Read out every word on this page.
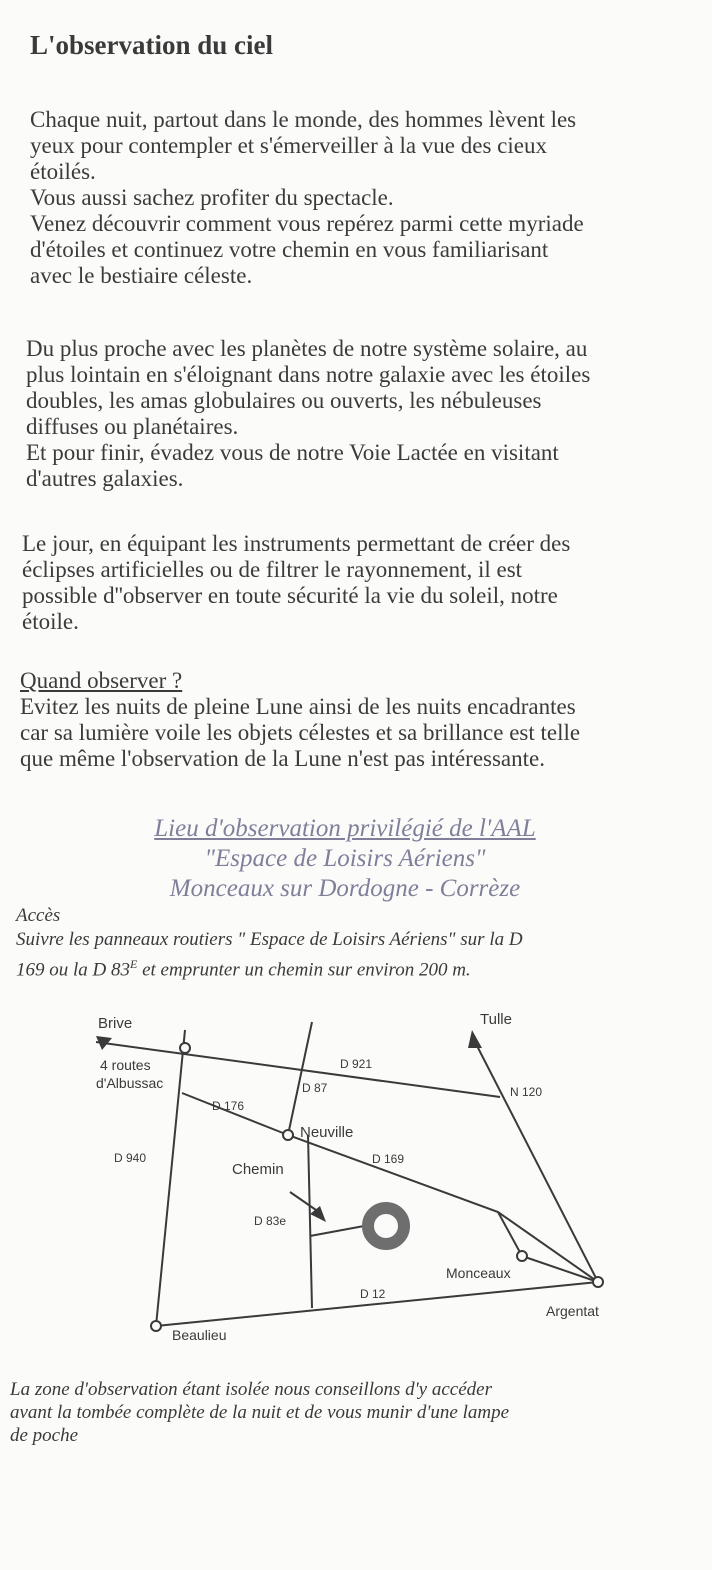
L'observation du ciel

Chaque nuit, partout dans le monde, des hommes lèvent les
yeux pour contempler et s'émerveiller à la vue des cieux
étoilés.
Vous aussi sachez profiter du spectacle.
Venez découvrir comment vous repérez parmi cette myriade
d'étoiles et continuez votre chemin en vous familiarisant
avec le bestiaire céleste.

Du plus proche avec les planètes de notre système solaire, au
plus lointain en s'éloignant dans notre galaxie avec les étoiles
doubles, les amas globulaires ou ouverts, les nébuleuses
diffuses ou planétaires.
Et pour finir, évadez vous de notre Voie Lactée en visitant
d'autres galaxies.

Le jour, en équipant les instruments permettant de créer des
éclipses artificielles ou de filtrer le rayonnement, il est
possible d''observer en toute sécurité la vie du soleil, notre
étoile.

Quand observer ?
Evitez les nuits de pleine Lune ainsi de les nuits encadrantes
car sa lumière voile les objets célestes et sa brillance est telle
que même l'observation de la Lune n'est pas intéressante.

Lieu d'observation privilégié de l'AAL
"Espace de Loisirs Aériens"
Monceaux sur Dordogne - Corrèze

Accès
Suivre les panneaux routiers " Espace de Loisirs Aériens" sur la D
169 ou la D $83^E$ et emprunter un chemin sur environ 200 m.

Brive	Tulle
4 routes
d'Albussac
D 921
D 87	N 120
D 176
Neuville
D 940	D 169
Chemin
D 83e
Monceaux
D 12
Argentat
Beaulieu

La zone d'observation étant isolée nous conseillons d'y accéder
avant la tombée complète de la nuit et de vous munir d'une lampe
de poche
